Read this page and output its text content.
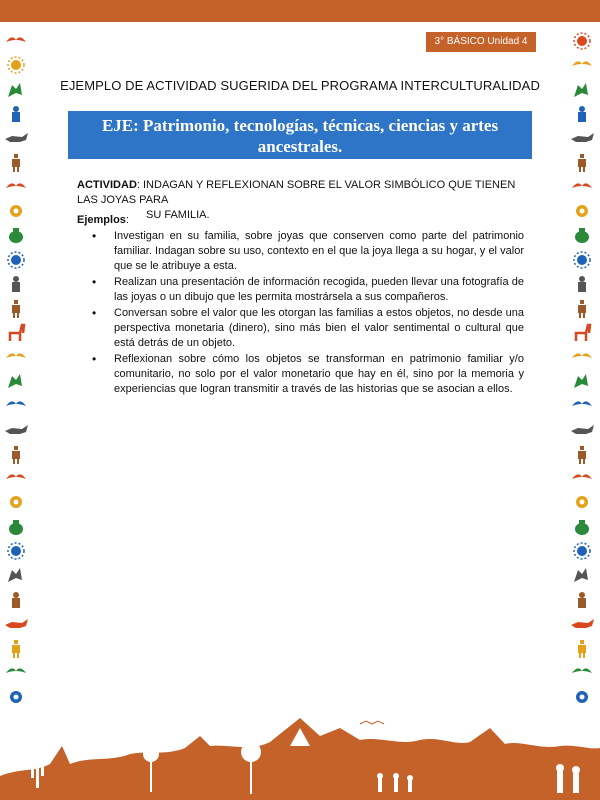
3° BÁSICO Unidad 4
EJEMPLO DE ACTIVIDAD SUGERIDA DEL PROGRAMA INTERCULTURALIDAD
EJE: Patrimonio, tecnologías, técnicas, ciencias y artes
ancestrales.
ACTIVIDAD: INDAGAN Y REFLEXIONAN SOBRE EL VALOR SIMBÓLICO QUE TIENEN LAS JOYAS PARA
SU FAMILIA.
Ejemplos:
• Investigan en su familia, sobre joyas que conserven como parte del patrimonio familiar. Indagan sobre su uso, contexto en el que la joya llega a su hogar, y el valor que se le atribuye a esta.
• Realizan una presentación de información recogida, pueden llevar una fotografía de las joyas o un dibujo que les permita mostrársela a sus compañeros.
• Conversan sobre el valor que les otorgan las familias a estos objetos, no desde una perspectiva monetaria (dinero), sino más bien el valor sentimental o cultural que está detrás de un objeto.
• Reflexionan sobre cómo los objetos se transforman en patrimonio familiar y/o comunitario, no solo por el valor monetario que hay en él, sino por la memoria y experiencias que logran transmitir a través de las historias que se asocian a ellos.
